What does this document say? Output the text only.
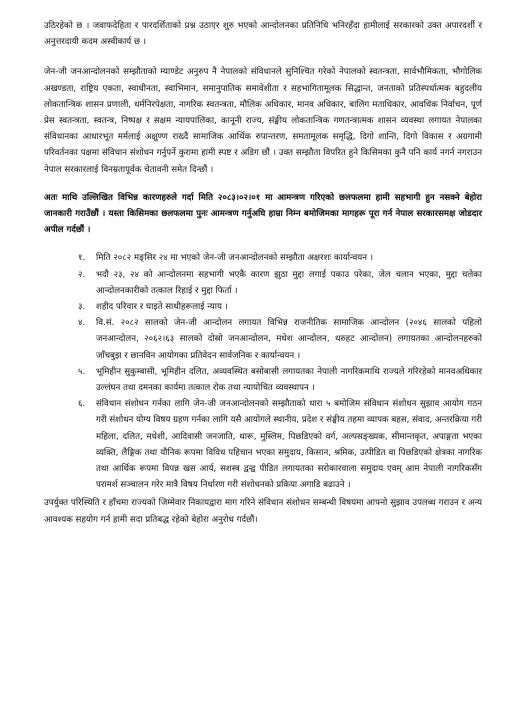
उठिरहेको छ । जवाफदेहिता र पारदर्शिताको प्रश्न उठाएर शुरु भएको आन्दोलनका प्रतिनिधि भनिरहँदा हामीलाई सरकारको उक्त अपारदर्शी र अनुत्तरदायी कदम अस्वीकार्य छ ।

जेन-जी जनआन्दोलनको सम्झौताको म्याण्डेट अनुरुप नै नेपालको संविधानले सुनिश्चित गरेको नेपालको स्वतन्त्रता, सार्वभौमिकता, भौगोलिक अखण्डता, राष्ट्रिय एकता, स्वाधीनता, स्वाभिमान, समानुपातिक समावेशीता र सहभागितामूलक सिद्धान्त, जनताको प्रतिस्पर्धात्मक बहुदलीय लोकतान्त्रिक शासन प्रणाली, धर्मनिरपेक्षता, नागरिक स्वतन्त्रता, मौलिक अधिकार, मानव अधिकार, बालिग मताधिकार, आवधिक निर्वाचन, पूर्ण प्रेस स्वतन्त्रता, स्वतन्त्र, निष्पक्ष र सक्षम न्यायपालिका, कानूनी राज्य, संङ्घीय लोकतान्त्रिक गणतन्त्रात्मक शासन व्यवस्था लगायत नेपालका संविधानका आधारभूत मर्मलाई अक्षुण्ण राख्दै सामाजिक आर्थिक रुपान्तरण, समतामूलक समृद्धि, दिगो शान्ति, दिगो विकास र अग्रगामी परिवर्तनका पक्षमा संविधान संशोधन गर्नुपर्ने कुरामा हामी स्पष्ट र अडिग छौं । उक्त सम्झौता विपरित हुने किसिमका कुनै पनि कार्य नगर्न नगराउन नेपाल सरकारलाई विनम्रतापूर्वक चेतावनी समेत दिन्छौं ।

अतः माथि उल्लिखित विभिन्न कारणहरुले गर्दा मिति २०८३।०२।०१ मा आमन्त्रण गरिएको छलफलमा हामी सहभागी हुन नसक्ने बेहोरा जानकारी गराउँछौं । यस्ता किसिमका छलफलमा पुनः आमन्त्रण गर्नुअघि हाम्रा निम्न बमोजिमका मागहरू पूरा गर्न नेपाल सरकारसमक्ष जोडदार अपील गर्दछौं ।

१.	मिति २०८२ मङ्सिर २४ मा भएको जेन-जी जनआन्दोलनको सम्झौता अक्षरशः कार्यान्वयन ।
२.	भदौ २३, २४ को आन्दोलनमा सहभागी भएकै कारण झुठा मुद्दा लगाई पकाउ परेका, जेल चलान भएका, मुद्दा चलेका आन्दोलनकारीको तत्काल रिहाई र मुद्दा फिर्ता ।
३.	शहीद परिवार र घाइते साथीहरूलाई न्याय ।
४.	वि.सं. २०८२ सालको जेन-जी आन्दोलन लगायत विभिन्न राजनीतिक सामाजिक आन्दोलन (२०४६ सालको पहिलो जनआन्दोलन, २०६२।६३ सालको दोस्रो जनआन्दोलन, मधेश आन्दोलन, थरुहट आन्दोलन) लगायतका आन्दोलनहरुको जाँचबुझ र छानविन आयोगका प्रतिवेदन सार्वजनिक र कार्यान्वयन ।
५.	भूमिहीन सुकुम्बासी, भूमिहीन दलित, अव्यवस्थित बसोबासी लगायतका नेपाली नागरिकमाथि राज्यले गरिरहेको मानवअधिकार उल्लंघन तथा दमनका कार्यमा तत्काल रोक तथा न्यायोचित व्यवस्थापन ।
६.	संविधान संशोधन गर्नका लागि जेन-जी जनआन्दोलनको सम्झौताको धारा ५ बमोजिम संविधान संशोधन सुझाव आयोग गठन गरी संशोधन योग्य विषय ग्रहण गर्नका लागि यसै आयोगले स्थानीय, प्रदेश र संङ्घीय तहमा व्यापक बहस, संवाद, अन्तरक्रिया गरी महिला, दलित, मधेशी, आदिवासी जनजाति, थारू, मुस्लिम, पिछडिएको वर्ग, अल्पसङ्ख्यक, सीमान्तकृत, अपाङ्गता भएका व्यक्ति, लैङ्गिक तथा यौनिक रूपमा विविध पहिचान भएका समुदाय, किसान, श्रमिक, उत्पीडित वा पिछडिएको क्षेत्रका नागरिक तथा आर्थिक रूपमा विपन्न खस आर्य, सशस्त्र द्वन्द्व पीडित लगायतका सरोकारवाला समुदाय एवम् आम नेपाली नागरिकसँग परामर्श सञ्चालन गरेर मात्रै विषय निर्धारण गरी संशोधनको प्रकिया अगाडि बढाउने ।

उपर्युक्त परिस्थिति र हाँचमा राज्यको जिम्मेवार निकायद्वारा माग गरिने संविधान संशोधन सम्बन्धी विषयमा आफ्नो सुझाव उपलब्ध गराउन र अन्य आवश्यक सहयोग गर्न हामी सदा प्रतिबद्ध रहेको बेहोरा अनुरोध गर्दछौं।
